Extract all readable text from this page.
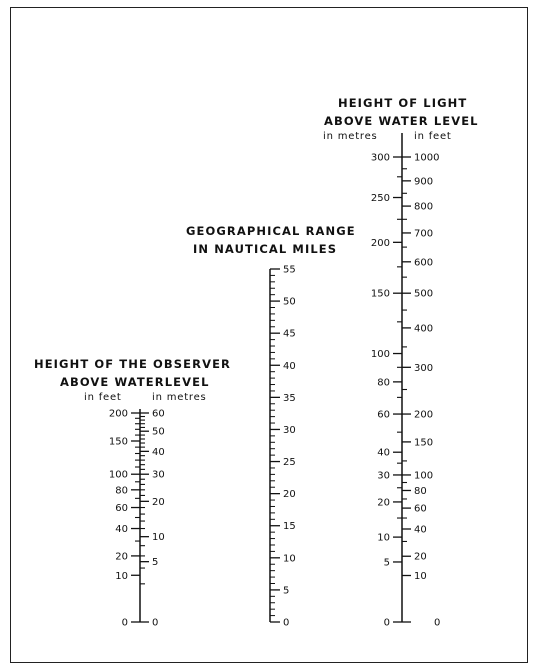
HEIGHT OF THE OBSERVER
ABOVE WATERLEVEL
in feet	in metres
GEOGRAPHICAL RANGE
IN NAUTICAL MILES
HEIGHT OF LIGHT
ABOVE WATER LEVEL
in metres	in feet
0
10
20
40
60
80
100
150
200
0
5
10
20
30
40
50
60
0
5
10
15
20
25
30
35
40
45
50
55
0
5
10
20
30
40
60
80
100
150
200
250
300
0
10
20
40
60
80
100
150
200
300
400
500
600
700
800
900
1000
